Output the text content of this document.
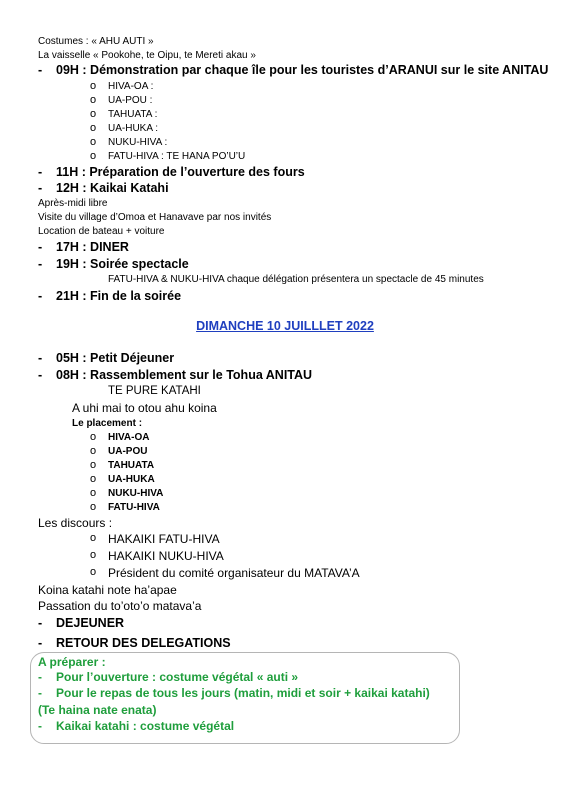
Costumes : « AHU AUTI »
La vaisselle « Pookohe, te Oipu, te Mereti akau »
- 09H : Démonstration par chaque île pour les touristes d’ARANUI sur le site ANITAU
o HIVA-OA :
o UA-POU :
o TAHUATA :
o UA-HUKA :
o NUKU-HIVA :
o FATU-HIVA : TE HANA PO’U’U
- 11H : Préparation de l’ouverture des fours
- 12H : Kaikai Katahi
Après-midi libre
Visite du village d’Omoa et Hanavave par nos invités
Location de bateau + voiture
- 17H : DINER
- 19H : Soirée spectacle
FATU-HIVA & NUKU-HIVA chaque délégation présentera un spectacle de 45 minutes
- 21H : Fin de la soirée
DIMANCHE 10 JUILLLET 2022
- 05H : Petit Déjeuner
- 08H : Rassemblement sur le Tohua ANITAU
TE PURE KATAHI
A uhi mai to otou ahu koina
Le placement :
o HIVA-OA
o UA-POU
o TAHUATA
o UA-HUKA
o NUKU-HIVA
o FATU-HIVA
Les discours :
o HAKAIKI FATU-HIVA
o HAKAIKI NUKU-HIVA
o Président du comité organisateur du MATAVA’A
Koina katahi note ha’apae
Passation du to’oto’o matava’a
- DEJEUNER
- RETOUR DES DELEGATIONS
A préparer :
- Pour l’ouverture : costume végétal « auti »
- Pour le repas de tous les jours (matin, midi et soir + kaikai katahi)
(Te haina nate enata)
- Kaikai katahi : costume végétal
